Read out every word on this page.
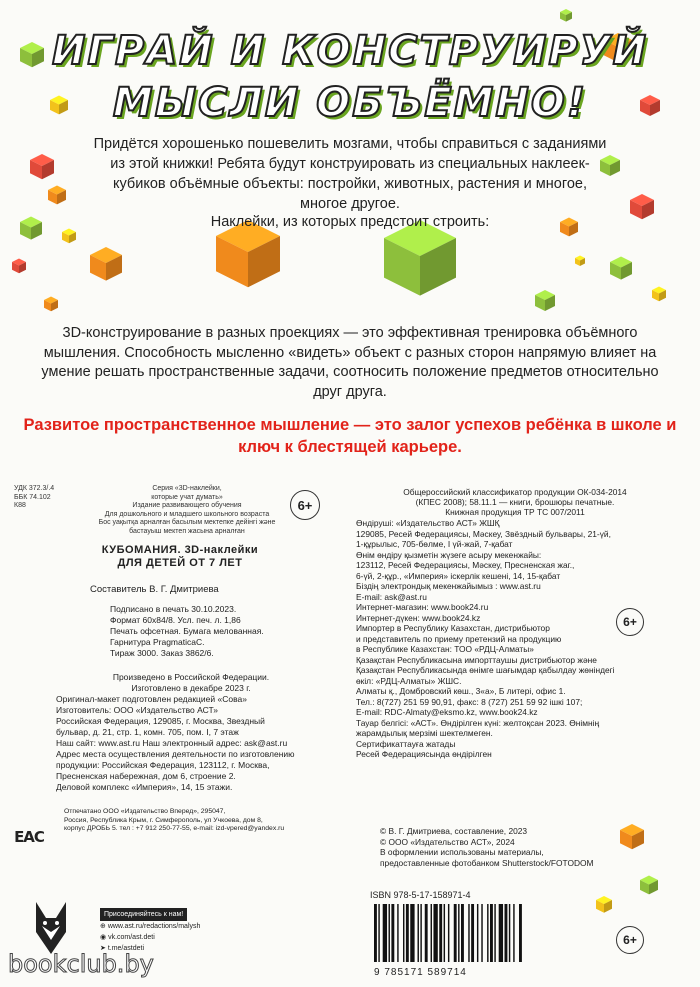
ИГРАЙ И КОНСТРУИРУЙ
МЫСЛИ ОБЪЁМНО!
Придётся хорошенько пошевелить мозгами, чтобы справиться с заданиями из этой книжки! Ребята будут конструировать из специальных наклеек-кубиков объёмные объекты: постройки, животных, растения и многое, многое другое.
Наклейки, из которых предстоит строить:
3D-конструирование в разных проекциях — это эффективная тренировка объёмного мышления. Способность мысленно «видеть» объект с разных сторон напрямую влияет на умение решать пространственные задачи, соотносить положение предметов относительно друг друга.
Развитое пространственное мышление — это залог успехов ребёнка в школе и ключ к блестящей карьере.
УДК 372.3/.4
ББК 74.102
К88
Серия «3D-наклейки,
которые учат думать»
Издание развивающего обучения
Для дошкольного и младшего школьного возраста
Бос уақытқа арналған басылым мектепке дейінгі және
бастауыш мектеп жасына арналған
6+
КУБОМАНИЯ. 3D-наклейки
ДЛЯ ДЕТЕЙ ОТ 7 ЛЕТ
Составитель В. Г. Дмитриева
Подписано в печать 30.10.2023.
Формат 60х84/8. Усл. печ. л. 1,86
Печать офсетная. Бумага мелованная.
Гарнитура PragmaticaC.
Тираж 3000. Заказ 3862/6.
Произведено в Российской Федерации.
Изготовлено в декабре 2023 г.
Оригинал-макет подготовлен редакцией «Сова»
Изготовитель: ООО «Издательство АСТ»
Российская Федерация, 129085, г. Москва, Звездный
бульвар, д. 21, стр. 1, комн. 705, пом. I, 7 этаж
Наш сайт: www.ast.ru Наш электронный адрес: ask@ast.ru
Адрес места осуществления деятельности по изготовлению
продукции: Российская Федерация, 123112, г. Москва,
Пресненская набережная, дом 6, строение 2.
Деловой комплекс «Империя», 14, 15 этажи.
Отпечатано ООО «Издательство Вперед», 295047,
Россия, Республика Крым, г. Симферополь, ул Учкоева, дом 8,
корпус ДРОБЬ 5. тел : +7 912 250-77-55, e-mail: izd-vpered@yandex.ru
ЕАС
Общероссийский классификатор продукции ОК-034-2014
(КПЕС 2008); 58.11.1 — книги, брошюры печатные.
Книжная продукция ТР ТС 007/2011
Өндіруші: «Издательство АСТ» ЖШҚ
129085, Ресей Федерациясы, Мәскеу, Звёздный бульвары, 21-үй,
1-құрылыс, 705-бөлме, I үй-жай, 7-қабат
Өнім өндіру қызметін жүзеге асыру мекенжайы:
123112, Ресей Федерациясы, Мәскеу, Пресненская жаг.,
6-үй, 2-құр., «Империя» іскерлік кешені, 14, 15-қабат
Біздің электрондық мекенжайымыз : www.ast.ru
E-mail: ask@ast.ru
Интернет-магазин: www.book24.ru
Интернет-дүкен: www.book24.kz
Импортер в Республику Казахстан, дистрибьютор
и представитель по приему претензий на продукцию
в Республике Казахстан: ТОО «РДЦ-Алматы»
Қазақстан Республикасына импорттаушы дистрибьютор және
Қазақстан Республикасында өнімге шағымдар қабылдау жөніндегі
өкіл: «РДЦ-Алматы» ЖШС.
Алматы қ., Домбровский көш., 3«а», Б литері, офис 1.
Тел.: 8(727) 251 59 90,91, факс: 8 (727) 251 59 92 ішкі 107;
E-mail: RDC-Almaty@eksmo.kz, www.book24.kz
Тауар белгісі: «АСТ». Өндірілген күні: желтоқсан 2023. Өнімнің
жарамдылық мерзімі шектелмеген.
Сертификаттауға жатады
Ресей Федерациясында өндірілген
6+
© В. Г. Дмитриева, составление, 2023
© ООО «Издательство АСТ», 2024
В оформлении использованы материалы,
предоставленные фотобанком Shutterstock/FOTODOM
Присоединяйтесь к нам!
⊕ www.ast.ru/redactions/malysh
◉ vk.com/ast.deti
➤ t.me/astdeti
ISBN 978-5-17-158971-4
9 785171 589714
6+
bookclub.by
